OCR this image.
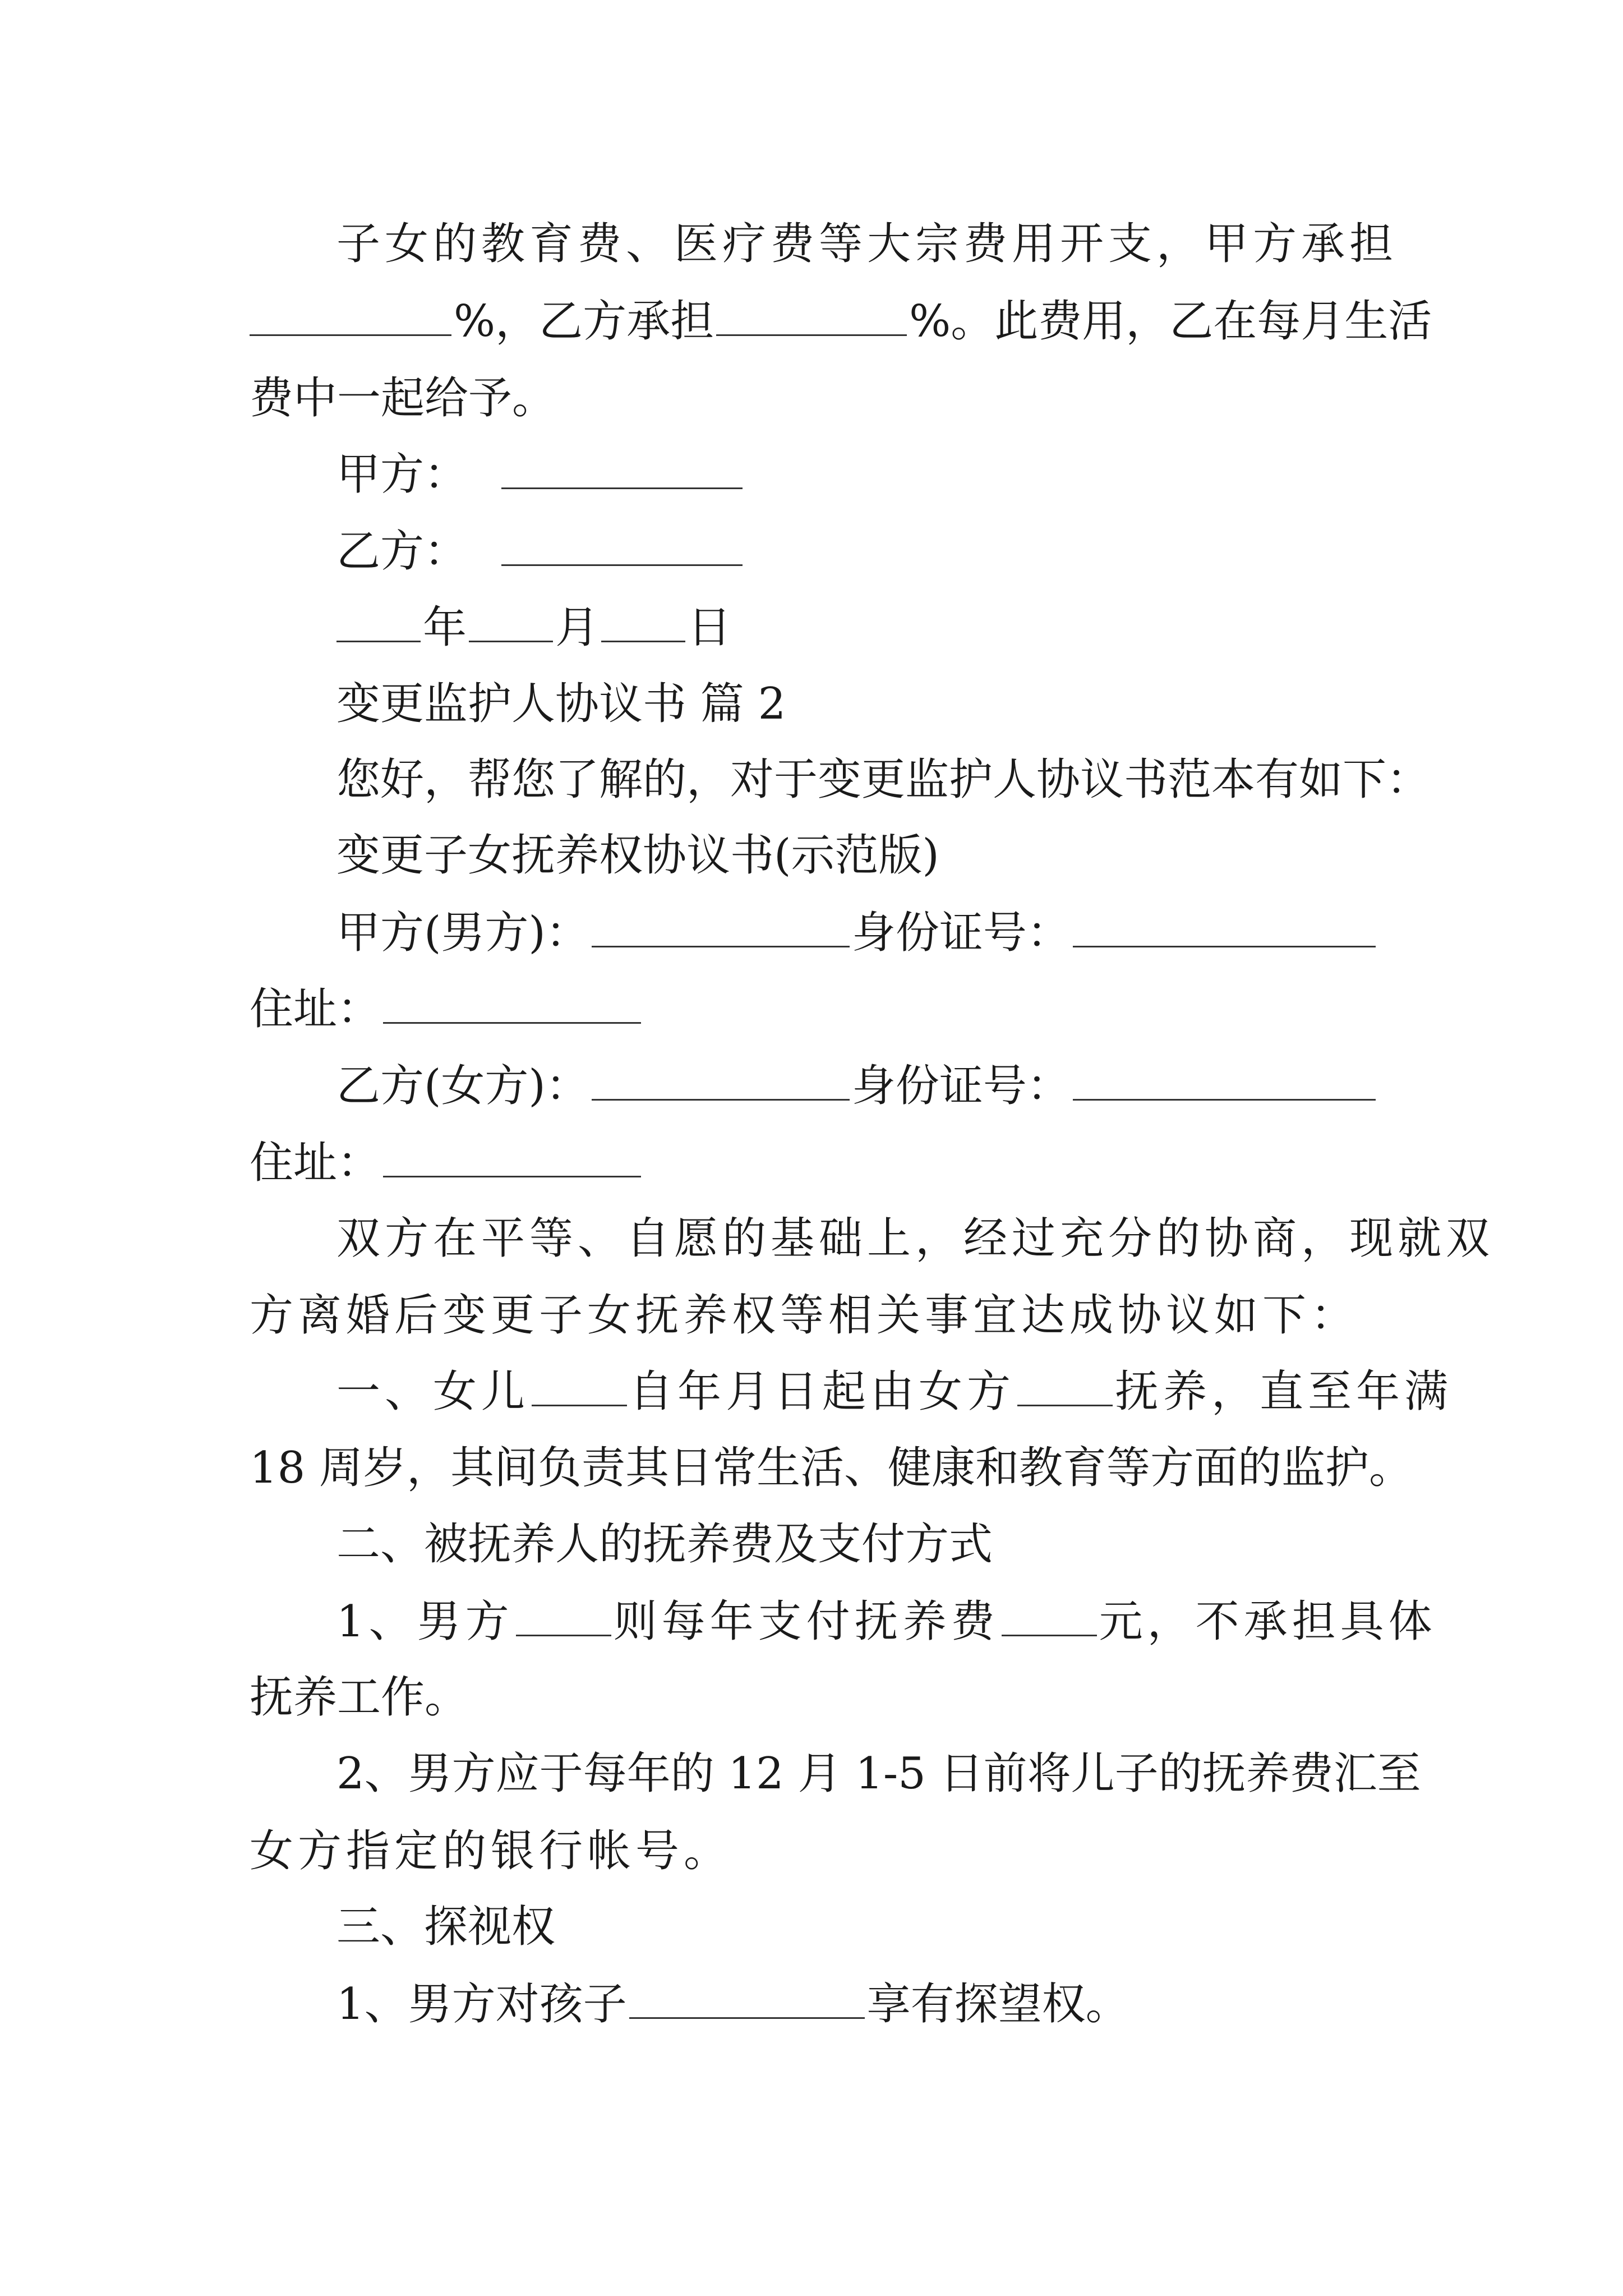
子女的教育费、医疗费等大宗费用开支，甲方承担
%，乙方承担	%。此费用，乙在每月生活
费中一起给予。
甲方：
乙方：
年 月 日
变更监护人协议书 篇 2
您好，帮您了解的，对于变更监护人协议书范本有如下：
变更子女抚养权协议书(示范版)
甲方(男方)：	身份证号：
住址：
乙方(女方)：	身份证号：
住址：
双方在平等、自愿的基础上，经过充分的协商，现就双
方离婚后变更子女抚养权等相关事宜达成协议如下：
一、女儿 自年月日起由女方 抚养，直至年满
18 周岁，其间负责其日常生活、健康和教育等方面的监护。
二、被抚养人的抚养费及支付方式
1、男方 则每年支付抚养费 元，不承担具体
抚养工作。
2、男方应于每年的 12 月 1-5 日前将儿子的抚养费汇至
女方指定的银行帐号。
三、探视权
1、男方对孩子	享有探望权。
